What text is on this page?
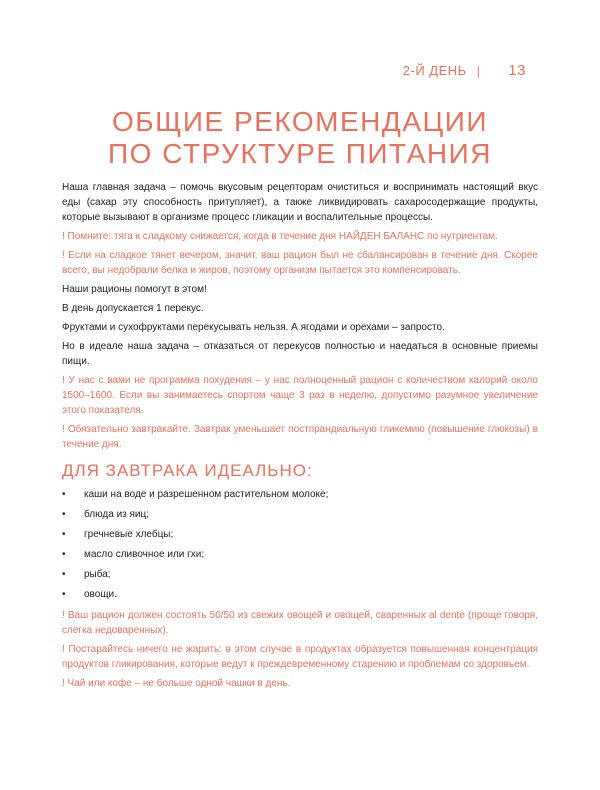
2-Й ДЕНЬ | 13
ОБЩИЕ РЕКОМЕНДАЦИИ
ПО СТРУКТУРЕ ПИТАНИЯ

Наша главная задача – помочь вкусовым рецепторам очиститься и воспринимать настоящий вкус еды (сахар эту способность притупляет), а также ликвидировать сахаросодержащие продукты, которые вызывают в организме процесс гликации и воспалительные процессы.

! Помните: тяга к сладкому снижается, когда в течение дня НАЙДЕН БАЛАНС по нутриентам.

! Если на сладкое тянет вечером, значит, ваш рацион был не сбалансирован в течение дня. Скорее всего, вы недобрали белка и жиров, поэтому организм пытается это компенсировать.

Наши рационы помогут в этом!

В день допускается 1 перекус.

Фруктами и сухофруктами перекусывать нельзя. А ягодами и орехами – запросто.

Но в идеале наша задача – отказаться от перекусов полностью и наедаться в основные приемы пищи.

! У нас с вами не программа похудения – у нас полноценный рацион с количеством калорий около 1500–1600. Если вы занимаетесь спортом чаще 3 раз в неделю, допустимо разумное увеличение этого показателя.

! Обязательно завтракайте. Завтрак уменьшает постпрандиальную гликемию (повышение глюкозы) в течение дня.

ДЛЯ ЗАВТРАКА ИДЕАЛЬНО:
• каши на воде и разрешенном растительном молоке;
• блюда из яиц;
• гречневые хлебцы;
• масло сливочное или гхи;
• рыба;
• овощи.

! Ваш рацион должен состоять 50/50 из свежих овощей и овощей, сваренных al dente (проще говоря, слегка недоваренных).

! Постарайтесь ничего не жарить: в этом случае в продуктах образуется повышенная концентрация продуктов гликирования, которые ведут к преждевременному старению и проблемам со здоровьем.

! Чай или кофе – не больше одной чашки в день.
